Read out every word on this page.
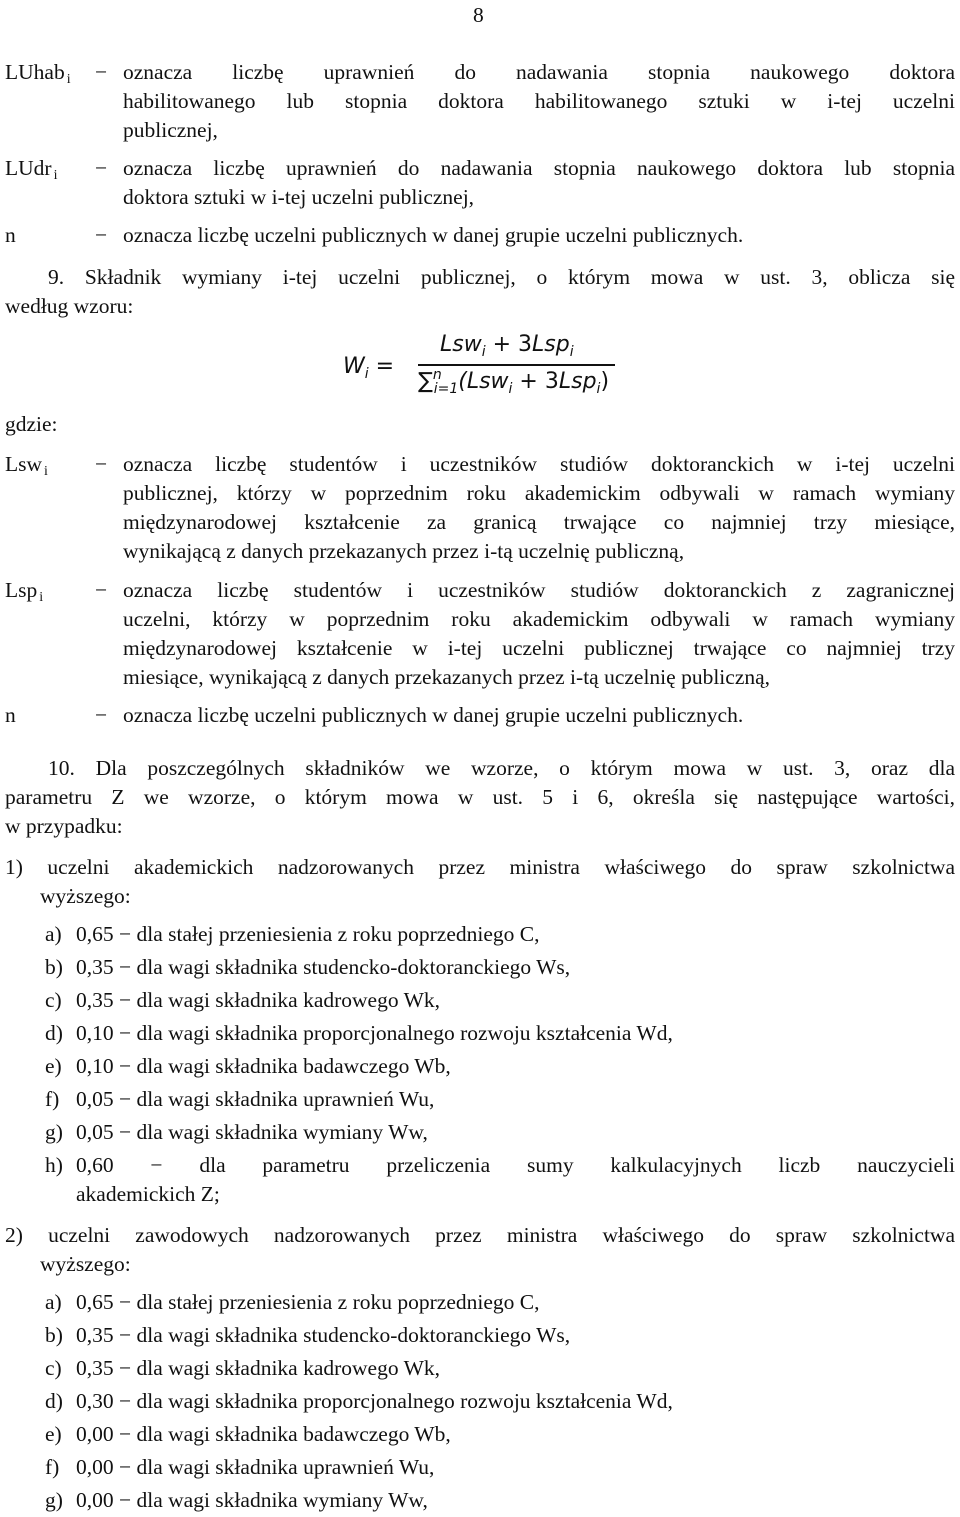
8
LUhab i − oznacza liczbę uprawnień do nadawania stopnia naukowego doktora
habilitowanego lub stopnia doktora habilitowanego sztuki w i-tej uczelni
publicznej,
LUdr i − oznacza liczbę uprawnień do nadawania stopnia naukowego doktora lub stopnia
doktora sztuki w i-tej uczelni publicznej,
n	− oznacza liczbę uczelni publicznych w danej grupie uczelni publicznych.
9. Składnik wymiany i-tej uczelni publicznej, o którym mowa w ust. 3, oblicza się
według wzoru:
$W_i$ =
Lsw$_i$ + 3Lsp$_i$
∑$^n_{i=1}$(Lsw$_i$ + 3Lsp$_i$)
gdzie:
Lsw i − oznacza liczbę studentów i uczestników studiów doktoranckich w i-tej uczelni
publicznej, którzy w poprzednim roku akademickim odbywali w ramach wymiany
międzynarodowej kształcenie za granicą trwające co najmniej trzy miesiące,
wynikającą z danych przekazanych przez i-tą uczelnię publiczną,
Lsp i − oznacza liczbę studentów i uczestników studiów doktoranckich z zagranicznej
uczelni, którzy w poprzednim roku akademickim odbywali w ramach wymiany
międzynarodowej kształcenie w i-tej uczelni publicznej trwające co najmniej trzy
miesiące, wynikającą z danych przekazanych przez i-tą uczelnię publiczną,
n	− oznacza liczbę uczelni publicznych w danej grupie uczelni publicznych.
10. Dla poszczególnych składników we wzorze, o którym mowa w ust. 3, oraz dla
parametru Z we wzorze, o którym mowa w ust. 5 i 6, określa się następujące wartości,
w przypadku:
1) uczelni akademickich nadzorowanych przez ministra właściwego do spraw szkolnictwa
wyższego:
a) 0,65 − dla stałej przeniesienia z roku poprzedniego C,
b) 0,35 − dla wagi składnika studencko-doktoranckiego Ws,
c) 0,35 − dla wagi składnika kadrowego Wk,
d) 0,10 − dla wagi składnika proporcjonalnego rozwoju kształcenia Wd,
e) 0,10 − dla wagi składnika badawczego Wb,
f) 0,05 − dla wagi składnika uprawnień Wu,
g) 0,05 − dla wagi składnika wymiany Ww,
h) 0,60 − dla parametru przeliczenia sumy kalkulacyjnych liczb nauczycieli
akademickich Z;
2) uczelni zawodowych nadzorowanych przez ministra właściwego do spraw szkolnictwa
wyższego:
a) 0,65 − dla stałej przeniesienia z roku poprzedniego C,
b) 0,35 − dla wagi składnika studencko-doktoranckiego Ws,
c) 0,35 − dla wagi składnika kadrowego Wk,
d) 0,30 − dla wagi składnika proporcjonalnego rozwoju kształcenia Wd,
e) 0,00 − dla wagi składnika badawczego Wb,
f) 0,00 − dla wagi składnika uprawnień Wu,
g) 0,00 − dla wagi składnika wymiany Ww,
